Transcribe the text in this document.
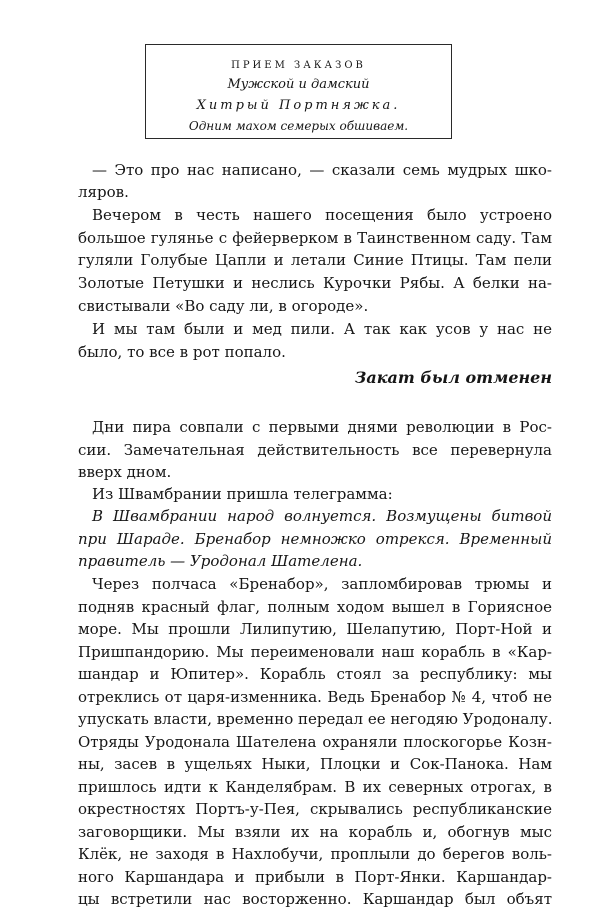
ПРИЕМ ЗАКАЗОВ
Мужской и дамский
Хитрый Портняжка.
Одним махом семерых обшиваем.
— Это про нас написано, — сказали семь мудрых шко-
ляров.
Вечером в честь нашего посещения было устроено
большое гулянье с фейерверком в Таинственном саду. Там
гуляли Голубые Цапли и летали Синие Птицы. Там пели
Золотые Петушки и неслись Курочки Рябы. А белки на-
свистывали «Во саду ли, в огороде».
И мы там были и мед пили. А так как усов у нас не
было, то все в рот попало.
Закат был отменен
Дни пира совпали с первыми днями революции в Рос-
сии. Замечательная действительность все перевернула
вверх дном.
Из Швамбрании пришла телеграмма:
В Швамбрании народ волнуется. Возмущены битвой
при Шараде. Бренабор немножко отрекся. Временный
правитель — Уродонал Шателена.
Через полчаса «Бренабор», запломбировав трюмы и
подняв красный флаг, полным ходом вышел в Гориясное
море. Мы прошли Лилипутию, Шелапутию, Порт-Ной и
Пришпандорию. Мы переименовали наш корабль в «Кар-
шандар и Юпитер». Корабль стоял за республику: мы
отреклись от царя-изменника. Ведь Бренабор № 4, чтоб не
упускать власти, временно передал ее негодяю Уродоналу.
Отряды Уродонала Шателена охраняли плоскогорье Козн-
ны, засев в ущельях Ныки, Плоцки и Сок-Панока. Нам
пришлось идти к Канделябрам. В их северных отрогах, в
окрестностях Портъ-у-Пея, скрывались республиканские
заговорщики. Мы взяли их на корабль и, обогнув мыс
Клёк, не заходя в Нахлобучи, проплыли до берегов воль-
ного Каршандара и прибыли в Порт-Янки. Каршандар-
цы встретили нас восторженно. Каршандар был объят
